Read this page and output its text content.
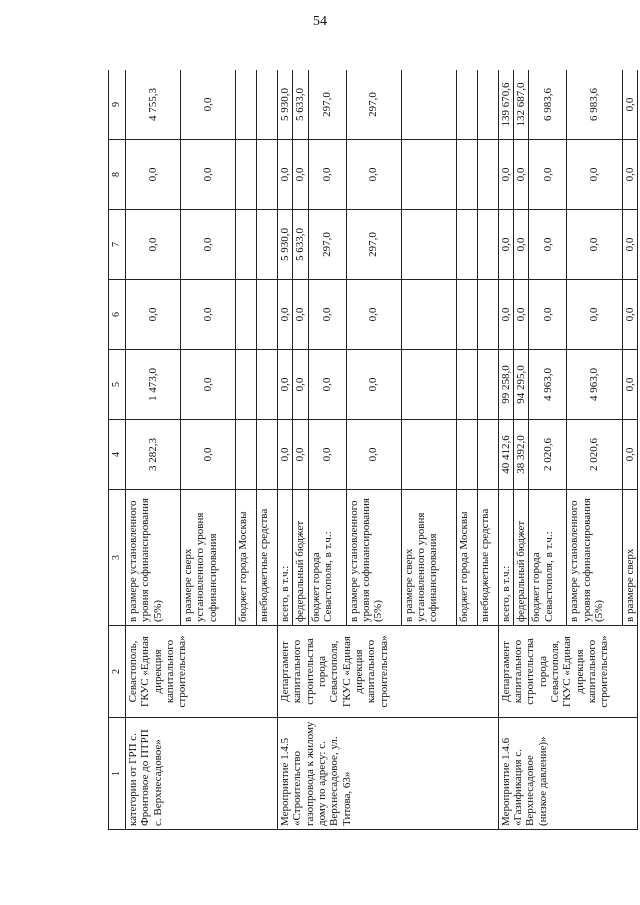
54
1	2	3	4	5	6	7	8	9
категории от ГРП с. Фронтовое до ПТРП с. Верхнесадовое»	Севастополь, ГКУС «Единая дирекция капитального строительства»	в размере установленного уровня софинансирования (5%)	3 282,3	1 473,0	0,0	0,0	0,0	4 755,3
		в размере сверх установленного уровня софинансирования	0,0	0,0	0,0	0,0	0,0	0,0
		бюджет города Москвы						
		внебюджетные средства						
Мероприятие 1.4.5 «Строительство газопровода к жилому дому по адресу: с. Верхнесадовое, ул. Титова, 63»	Департамент капитального строительства города Севастополя, ГКУС «Единая дирекция капитального строительства»	всего, в т.ч.:	0,0	0,0	0,0	5 930,0	0,0	5 930,0
		федеральный бюджет	0,0	0,0	0,0	5 633,0	0,0	5 633,0
		бюджет города Севастополя, в т.ч.:	0,0	0,0	0,0	297,0	0,0	297,0
		в размере установленного уровня софинансирования (5%)	0,0	0,0	0,0	297,0	0,0	297,0
		в размере сверх установленного уровня софинансирования						
		бюджет города Москвы						
		внебюджетные средства						
Мероприятие 1.4.6 «Газификация с. Верхнесадовое (низкое давление)»	Департамент капитального строительства города Севастополя, ГКУС «Единая дирекция капитального строительства»	всего, в т.ч.:	40 412,6	99 258,0	0,0	0,0	0,0	139 670,6
		федеральный бюджет	38 392,0	94 295,0	0,0	0,0	0,0	132 687,0
		бюджет города Севастополя, в т.ч.:	2 020,6	4 963,0	0,0	0,0	0,0	6 983,6
		в размере установленного уровня софинансирования (5%)	2 020,6	4 963,0	0,0	0,0	0,0	6 983,6
		в размере сверх	0,0	0,0	0,0	0,0	0,0	0,0
